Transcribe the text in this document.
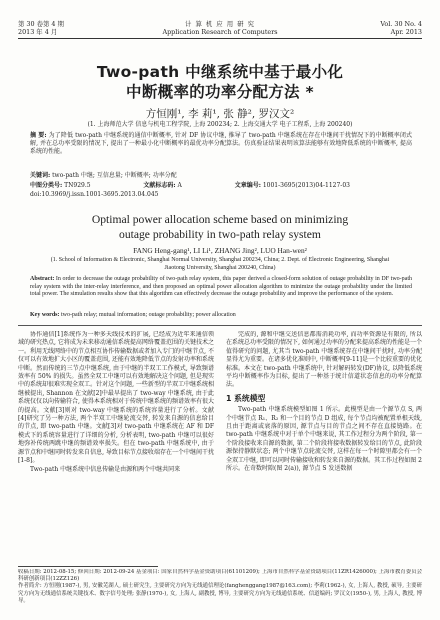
第 30 卷第 4 期
2013 年 4 月
计 算 机 应 用 研 究
Application Research of Computers
Vol. 30 No. 4
Apr. 2013
Two-path 中继系统中基于最小化
中断概率的功率分配方法 *
方恒刚¹, 李 莉¹, 张 静², 罗汉文²
(1. 上海师范大学 信息与机电工程学院, 上海 200234; 2. 上海交通大学 电子工程系, 上海 200240)
摘 要: 为了降低 two-path 中继系统的通信中断概率, 针对 DF 协议中继, 推导了 two-path 中继系统在存在中继间干扰情况下的中断概率闭式解, 并在总功率受限的情况下, 提出了一种最小化中断概率的最优功率分配算法。仿真验证结果表明该算法能够有效地降低系统的中断概率, 提高系统的性能。
关键词: two-path 中继; 互信息量; 中断概率; 功率分配
中图分类号: TN929.5	文献标志码: A	文章编号: 1001-3695(2013)04-1127-03
doi:10.3969/j.issn.1001-3695.2013.04.045
Optimal power allocation scheme based on minimizing
outage probability in two-path relay system
FANG Heng-gang¹, LI Li¹, ZHANG Jing², LUO Han-wen²
(1. School of Information & Electronic, Shanghai Normal University, Shanghai 200234, China; 2. Dept. of Electronic Engineering, Shanghai
Jiaotong University, Shanghai 200240, China)
Abstract: In order to decrease the outage probability of two-path relay system, this paper derived a closed-form solution of outage probability in DF two-path relay system with the inter-relay interference, and then proposed an optimal power allocation algorithm to minimize the outage probability under the limited total power. The simulation results show that this algorithm can effectively decrease the outage probability and improve the performance of the system.
Key words: two-path relay; mutual information; outage probability; power allocation

协作通信[1]系统作为一种多天线技术的扩展, 已经成为近年来通信领域的研究热点, 它将成为未来移动通信系统提高网络覆盖范围的关键技术之一。利用无线网络中的节点相互协作传输数据或者加入专门的中继节点, 不仅可以有效地扩大小区的覆盖范围, 还能有效地降低节点的发射功率和系统中断。然而传统的三节点中继系统, 由于中继的半双工工作模式, 导致频谱效率有 50% 的损失。虽然全双工中继可以有效地解决这个问题, 但是现实中的系统却很难实现全双工。针对这个问题, 一些新型的半双工中继系统相继被提出, Shannon 在文献[2]中最早提出了 two-way 中继系统, 由于此系统仅仅以向传输符合, 使得本系统相对于传统中继系统的频谱效率有很大的提高。文献[3]则对 two-way 中继系统的系统容量进行了分析。文献[4]研究了另一种方法, 两个半双工中继轮流交替, 转发来自源的信息给目的节点, 即 two-path 中继。文献[3]对 two-path 中继系统在 AF 和 DF 模式下的系统容量进行了详细的分析, 分析表明, two-path 中继可以很好地弥补传统两跳中继的频谱效率损失。但在 two-path 中继系统中, 由于源节点和中继同时转发来自信息, 导致目标节点接收端存在一个中继间干扰[1-8]。

Two-path 中继系统中信息传输是由源和两个中继共同来

完成的, 源和中继交送信息都需消耗功率, 而功率资源是有限的, 所以在系统总功率受限的情况下, 如何通过功率的分配来提高系统的性能是一个值得研究的问题, 尤其当 two-path 中继系统存在中继间干扰时, 功率分配显得尤为重要。在诸多优化准则中, 中断概率[9-11]是一个比较重要的优化标准。本文在 two-path 中继系统中, 针对解码转发(DF)协议, 以降低系统平均中断概率作为目标, 提出了一种基于统计信道状态信息的功率分配算法。

1 系统模型

Two-path 中继系统模型如图 1 所示。此模型是由一个源节点 S, 两个中继节点 R₁、R₂ 和一个目的节点 D 组成, 每个节点均被配置单根天线, 且由于距离或衰落的原因, 源节点与目的节点之间不存在直接链路。在 two-path 中继系统中对于单个中继来说, 其工作过程分为两个阶段, 第一个阶段接收来自源的数据, 第二个阶段将接收数据转发给目的节点, 此阶段源保持静默状态; 两个中继节点轮流交替, 这样在每一个时隙里都会有一个全双工中继, 即可以同时传输接收和转发来自源的数据。其工作过程如图 2 所示。在奇数时隙(图 2(a)), 源节点 S 发送数据

收稿日期: 2012-08-15; 修回日期: 2012-09-24 基金项目: 国家自然科学基金资助项目(61101209); 上海市自然科学基金资助项目(11ZR1426000); 上海市教育委员会科研创新项目(12ZZ126)
作者简介: 方恒刚(1987-), 男, 安徽芜湖人, 硕士研究生, 主要研究方向为无线通信理论(fanghenggang1987@163.com); 李莉(1962-), 女, 上海人, 教授, 硕导, 主要研究方向为无线通信系统关键技术、数字信号处理; 张静(1970-), 女, 上海人, 副教授, 博导, 主要研究方向为无线通信系统、信道编码; 罗汉文(1950-), 男, 上海人, 教授, 博导。
